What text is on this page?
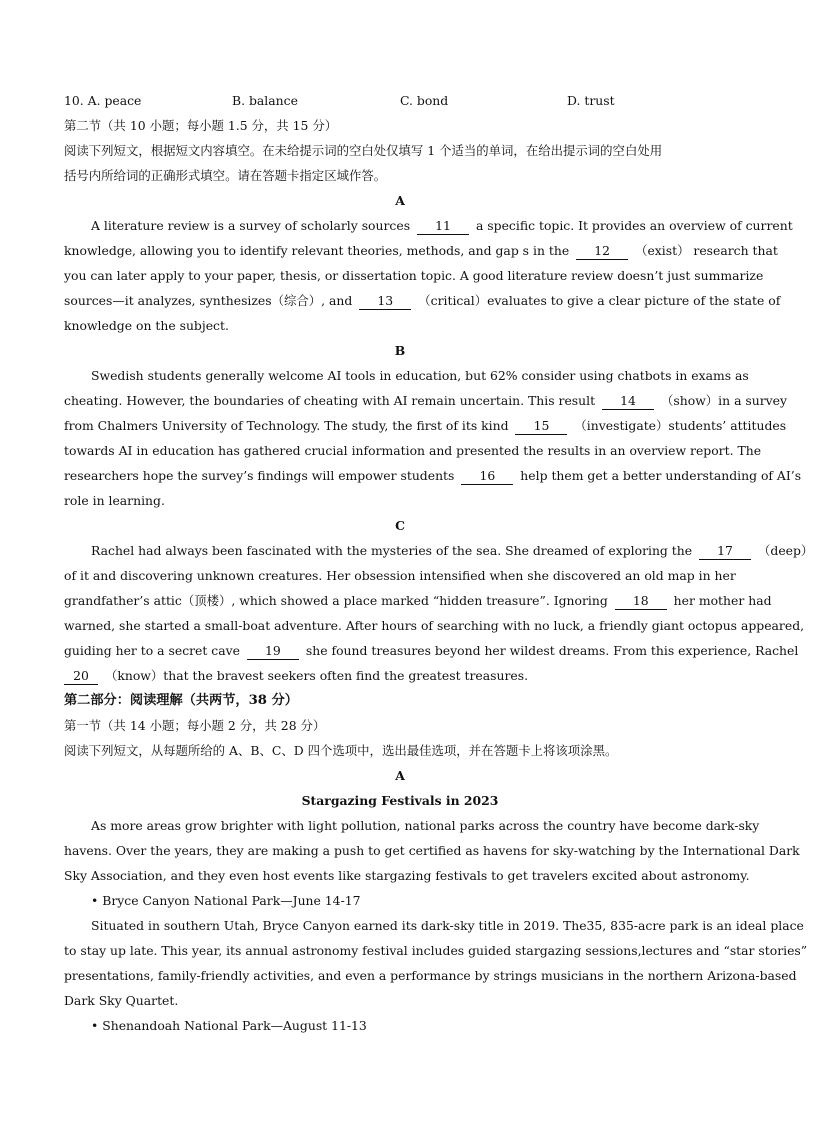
10. A. peace	B. balance	C. bond	D. trust
第二节（共 10 小题；每小题 1.5 分，共 15 分）
阅读下列短文，根据短文内容填空。在未给提示词的空白处仅填写 1 个适当的单词，在给出提示词的空白处用
括号内所给词的正确形式填空。请在答题卡指定区域作答。
A
A literature review is a survey of scholarly sources 11 a specific topic. It provides an overview of current
knowledge, allowing you to identify relevant theories, methods, and gap s in the 12 （exist） research that
you can later apply to your paper, thesis, or dissertation topic. A good literature review doesn’t just summarize
sources—it analyzes, synthesizes（综合）, and 13 （critical）evaluates to give a clear picture of the state of
knowledge on the subject.
B
Swedish students generally welcome AI tools in education, but 62% consider using chatbots in exams as
cheating. However, the boundaries of cheating with AI remain uncertain. This result 14 （show）in a survey
from Chalmers University of Technology. The study, the first of its kind 15 （investigate）students’ attitudes
towards AI in education has gathered crucial information and presented the results in an overview report. The
researchers hope the survey’s findings will empower students 16 help them get a better understanding of AI’s
role in learning.
C
Rachel had always been fascinated with the mysteries of the sea. She dreamed of exploring the 17 （deep）
of it and discovering unknown creatures. Her obsession intensified when she discovered an old map in her
grandfather’s attic（顶楼）, which showed a place marked “hidden treasure”. Ignoring 18 her mother had
warned, she started a small-boat adventure. After hours of searching with no luck, a friendly giant octopus appeared,
guiding her to a secret cave 19 she found treasures beyond her wildest dreams. From this experience, Rachel
20 （know）that the bravest seekers often find the greatest treasures.
第二部分：阅读理解（共两节，38 分）
第一节（共 14 小题；每小题 2 分，共 28 分）
阅读下列短文，从每题所给的 A、B、C、D 四个选项中，选出最佳选项，并在答题卡上将该项涂黑。
A
Stargazing Festivals in 2023
As more areas grow brighter with light pollution, national parks across the country have become dark-sky
havens. Over the years, they are making a push to get certified as havens for sky-watching by the International Dark
Sky Association, and they even host events like stargazing festivals to get travelers excited about astronomy.
• Bryce Canyon National Park—June 14-17
Situated in southern Utah, Bryce Canyon earned its dark-sky title in 2019. The35, 835-acre park is an ideal place
to stay up late. This year, its annual astronomy festival includes guided stargazing sessions,lectures and “star stories”
presentations, family-friendly activities, and even a performance by strings musicians in the northern Arizona-based
Dark Sky Quartet.
• Shenandoah National Park—August 11-13
